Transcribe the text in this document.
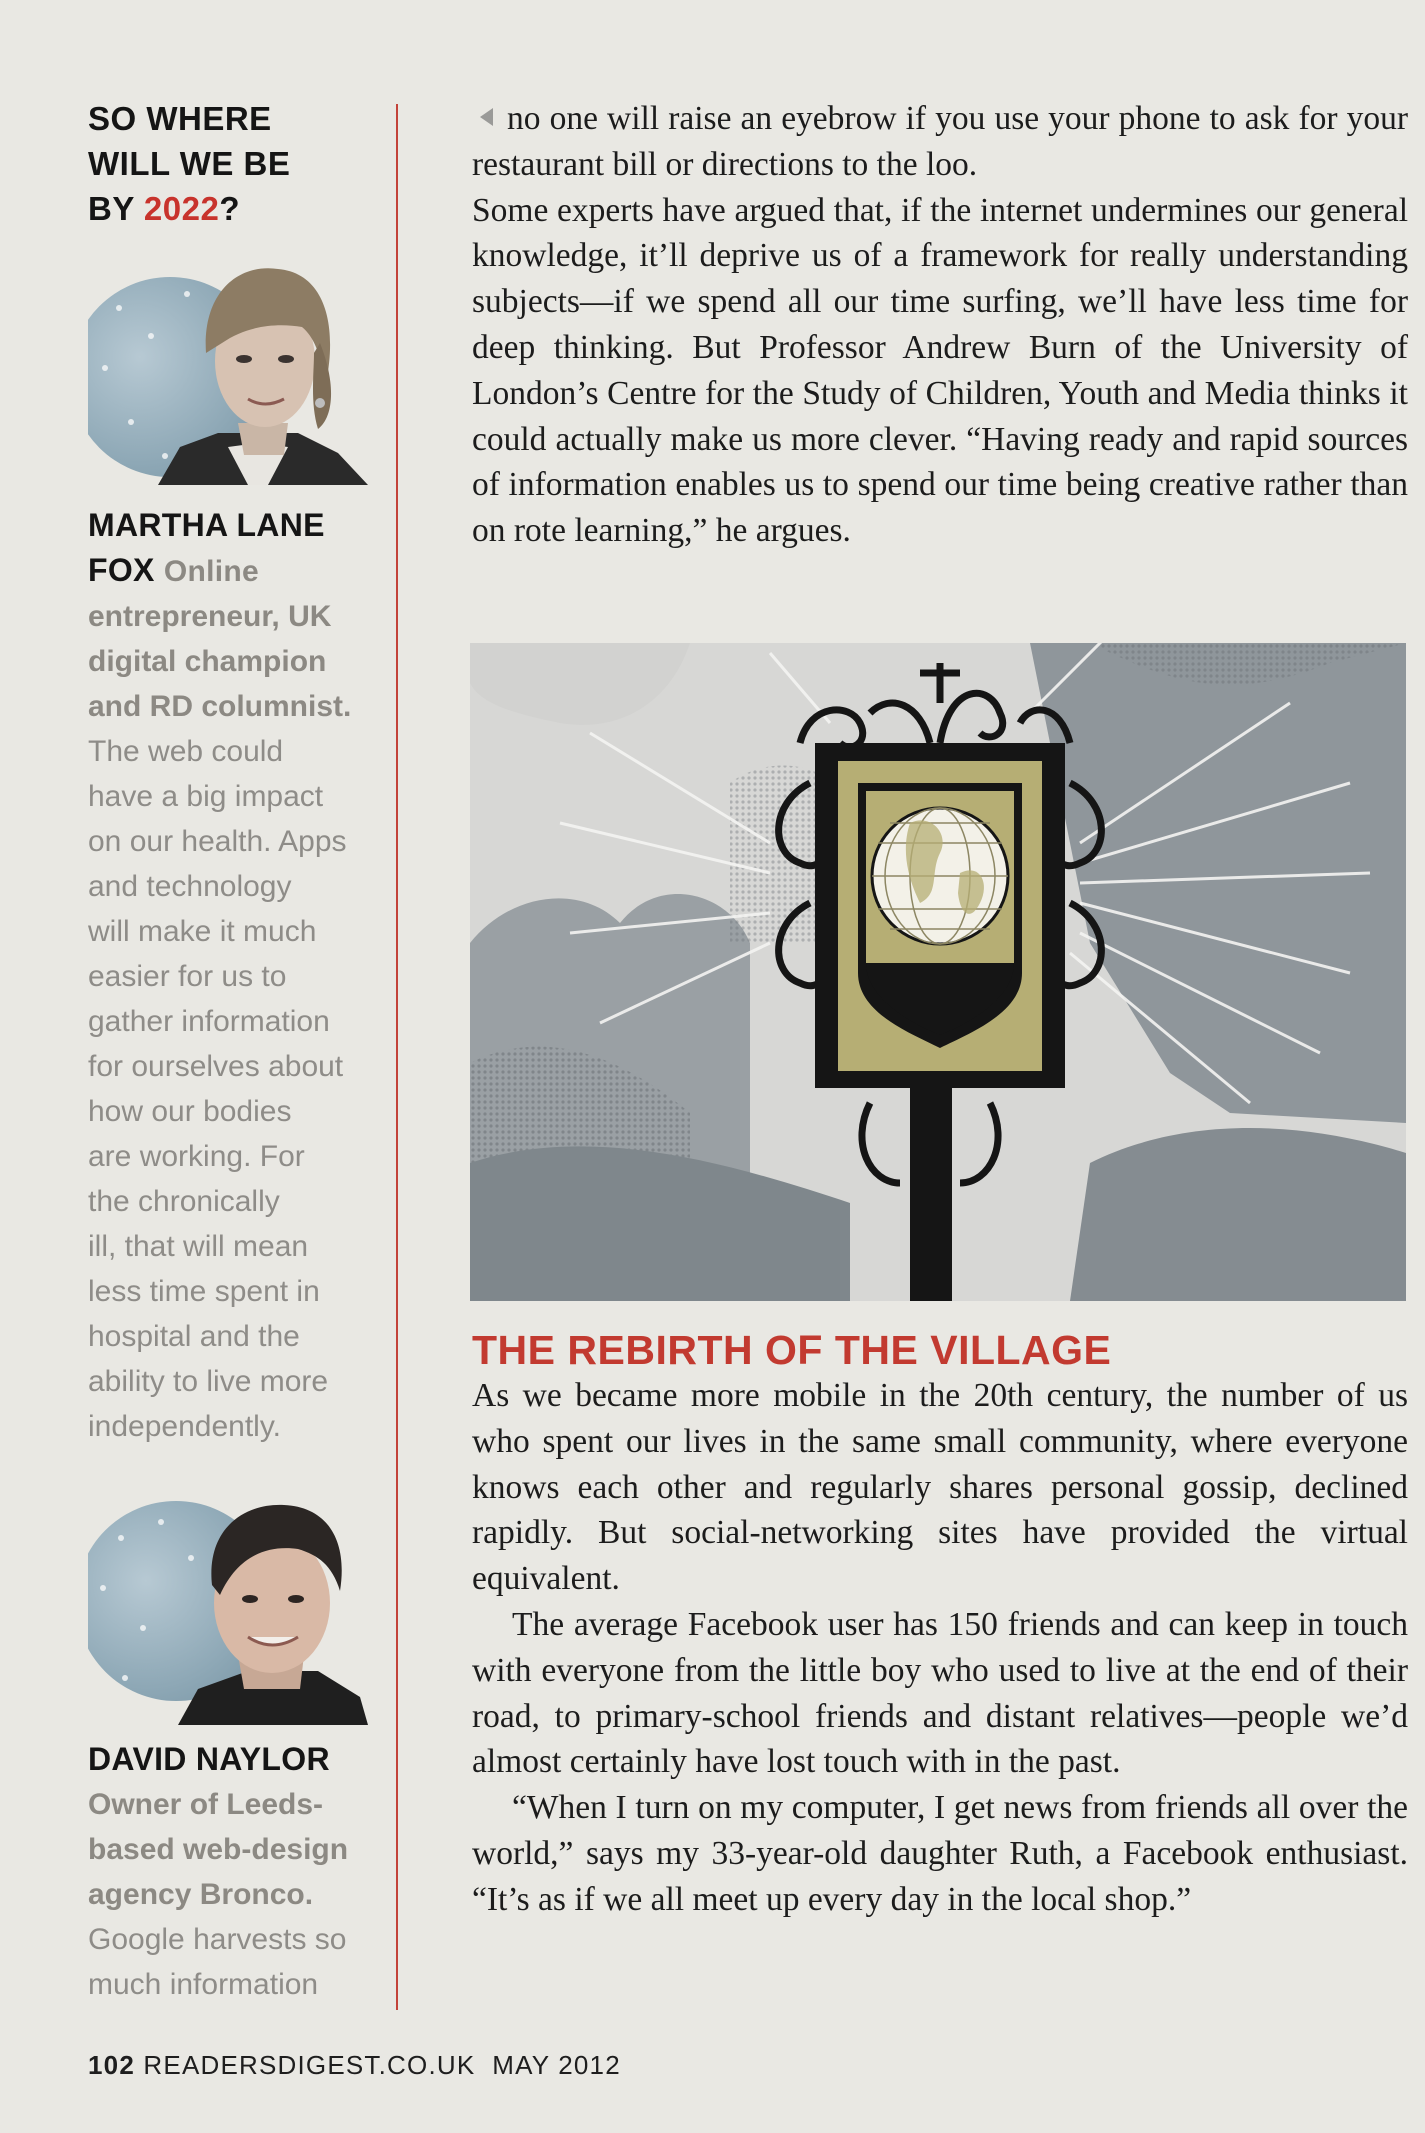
SO WHERE
WILL WE BE
BY 2022?

MARTHA LANE
FOX Online
entrepreneur, UK
digital champion
and RD columnist.
The web could
have a big impact
on our health. Apps
and technology
will make it much
easier for us to
gather information
for ourselves about
how our bodies
are working. For
the chronically
ill, that will mean
less time spent in
hospital and the
ability to live more
independently.
DAVID NAYLOR
Owner of Leeds-
based web-design
agency Bronco.
Google harvests so
much information

no one will raise an eyebrow if you use your phone to ask for your restaurant bill or directions to the loo.

Some experts have argued that, if the internet undermines our general knowledge, it’ll deprive us of a framework for really understanding subjects—if we spend all our time surfing, we’ll have less time for deep thinking. But Professor Andrew Burn of the University of London’s Centre for the Study of Children, Youth and Media thinks it could actually make us more clever. “Having ready and rapid sources of information enables us to spend our time being creative rather than on rote learning,” he argues.

THE REBIRTH OF THE VILLAGE

As we became more mobile in the 20th century, the number of us who spent our lives in the same small community, where everyone knows each other and regularly shares personal gossip, declined rapidly. But social-networking sites have provided the virtual equivalent.

The average Facebook user has 150 friends and can keep in touch with everyone from the little boy who used to live at the end of their road, to primary-school friends and distant relatives—people we’d almost certainly have lost touch with in the past.

“When I turn on my computer, I get news from friends all over the world,” says my 33-year-old daughter Ruth, a Facebook enthusiast. “It’s as if we all meet up every day in the local shop.”

102 READERSDIGEST.CO.UK MAY 2012
